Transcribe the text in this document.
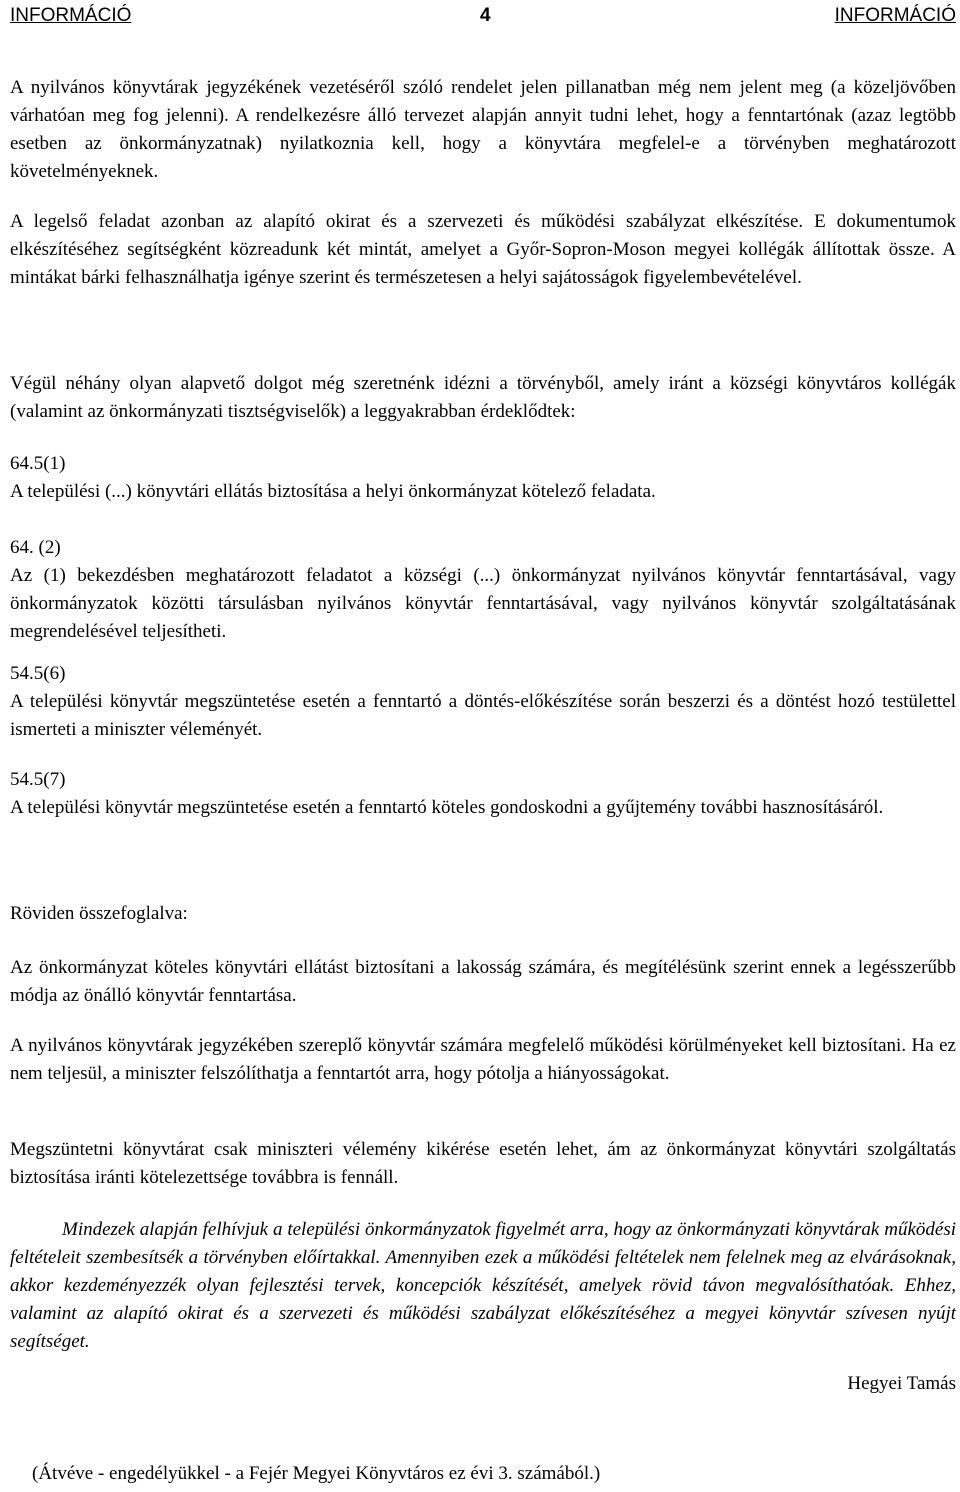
INFORMÁCIÓ	4	INFORMÁCIÓ

A nyilvános könyvtárak jegyzékének vezetéséről szóló rendelet jelen pillanatban még nem jelent meg (a közeljövőben várhatóan meg fog jelenni). A rendelkezésre álló tervezet alapján annyit tudni lehet, hogy a fenntartónak (azaz legtöbb esetben az önkormányzatnak) nyilatkoznia kell, hogy a könyvtára megfelel-e a törvényben meghatározott követelményeknek.

A legelső feladat azonban az alapító okirat és a szervezeti és működési szabályzat elkészítése. E dokumentumok elkészítéséhez segítségként közreadunk két mintát, amelyet a Győr-Sopron-Moson megyei kollégák állítottak össze. A mintákat bárki felhasználhatja igénye szerint és természetesen a helyi sajátosságok figyelembevételével.

Végül néhány olyan alapvető dolgot még szeretnénk idézni a törvényből, amely iránt a községi könyvtáros kollégák (valamint az önkormányzati tisztségviselők) a leggyakrabban érdeklődtek:

64.5(1)

A települési (...) könyvtári ellátás biztosítása a helyi önkormányzat kötelező feladata.

64. (2)

Az (1) bekezdésben meghatározott feladatot a községi (...) önkormányzat nyilvános könyvtár fenntartásával, vagy önkormányzatok közötti társulásban nyilvános könyvtár fenntartásával, vagy nyilvános könyvtár szolgáltatásának megrendelésével teljesítheti.

54.5(6)

A települési könyvtár megszüntetése esetén a fenntartó a döntés-előkészítése során beszerzi és a döntést hozó testülettel ismerteti a miniszter véleményét.

54.5(7)

A települési könyvtár megszüntetése esetén a fenntartó köteles gondoskodni a gyűjtemény további hasznosításáról.

Röviden összefoglalva:

Az önkormányzat köteles könyvtári ellátást biztosítani a lakosság számára, és megítélésünk szerint ennek a legésszerűbb módja az önálló könyvtár fenntartása.

A nyilvános könyvtárak jegyzékében szereplő könyvtár számára megfelelő működési körülményeket kell biztosítani. Ha ez nem teljesül, a miniszter felszólíthatja a fenntartót arra, hogy pótolja a hiányosságokat.

Megszüntetni könyvtárat csak miniszteri vélemény kikérése esetén lehet, ám az önkormányzat könyvtári szolgáltatás biztosítása iránti kötelezettsége továbbra is fennáll.

Mindezek alapján felhívjuk a települési önkormányzatok figyelmét arra, hogy az önkormányzati könyvtárak működési feltételeit szembesítsék a törvényben előírtakkal. Amennyiben ezek a működési feltételek nem felelnek meg az elvárásoknak, akkor kezdeményezzék olyan fejlesztési tervek, koncepciók készítését, amelyek rövid távon megvalósíthatóak. Ehhez, valamint az alapító okirat és a szervezeti és működési szabályzat előkészítéséhez a megyei könyvtár szívesen nyújt segítséget.

Hegyei Tamás

(Átvéve - engedélyükkel - a Fejér Megyei Könyvtáros ez évi 3. számából.)
